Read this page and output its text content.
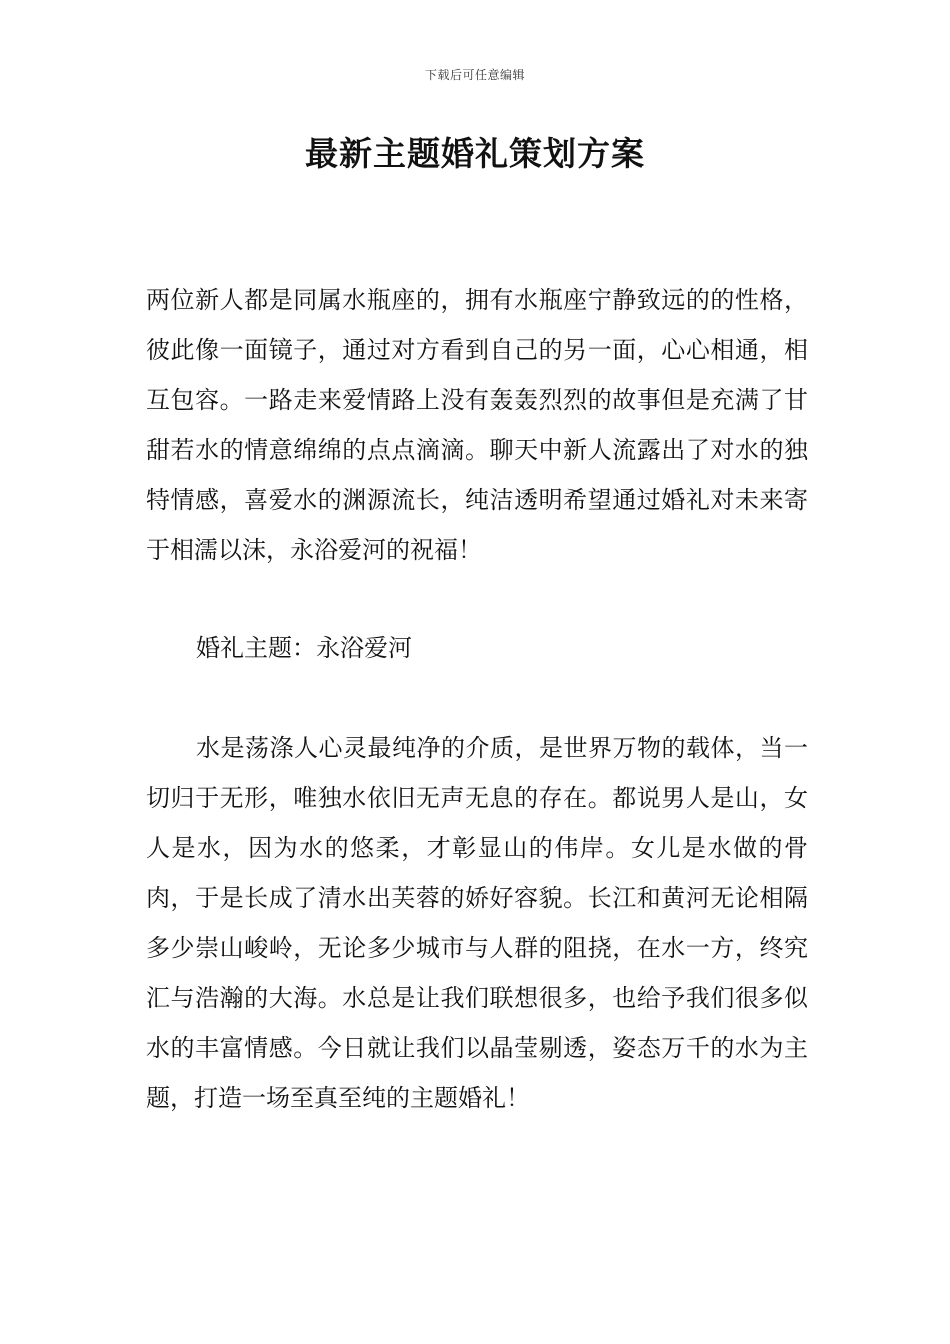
下载后可任意编辑
最新主题婚礼策划方案

两位新人都是同属水瓶座的，拥有水瓶座宁静致远的的性格，彼此像一面镜子，通过对方看到自己的另一面，心心相通，相互包容。一路走来爱情路上没有轰轰烈烈的故事但是充满了甘甜若水的情意绵绵的点点滴滴。聊天中新人流露出了对水的独特情感，喜爱水的渊源流长，纯洁透明希望通过婚礼对未来寄于相濡以沫，永浴爱河的祝福！

婚礼主题：永浴爱河

水是荡涤人心灵最纯净的介质，是世界万物的载体，当一切归于无形，唯独水依旧无声无息的存在。都说男人是山，女人是水，因为水的悠柔，才彰显山的伟岸。女儿是水做的骨肉，于是长成了清水出芙蓉的娇好容貌。长江和黄河无论相隔多少崇山峻岭，无论多少城市与人群的阻挠，在水一方，终究汇与浩瀚的大海。水总是让我们联想很多，也给予我们很多似水的丰富情感。今日就让我们以晶莹剔透，姿态万千的水为主题，打造一场至真至纯的主题婚礼！
